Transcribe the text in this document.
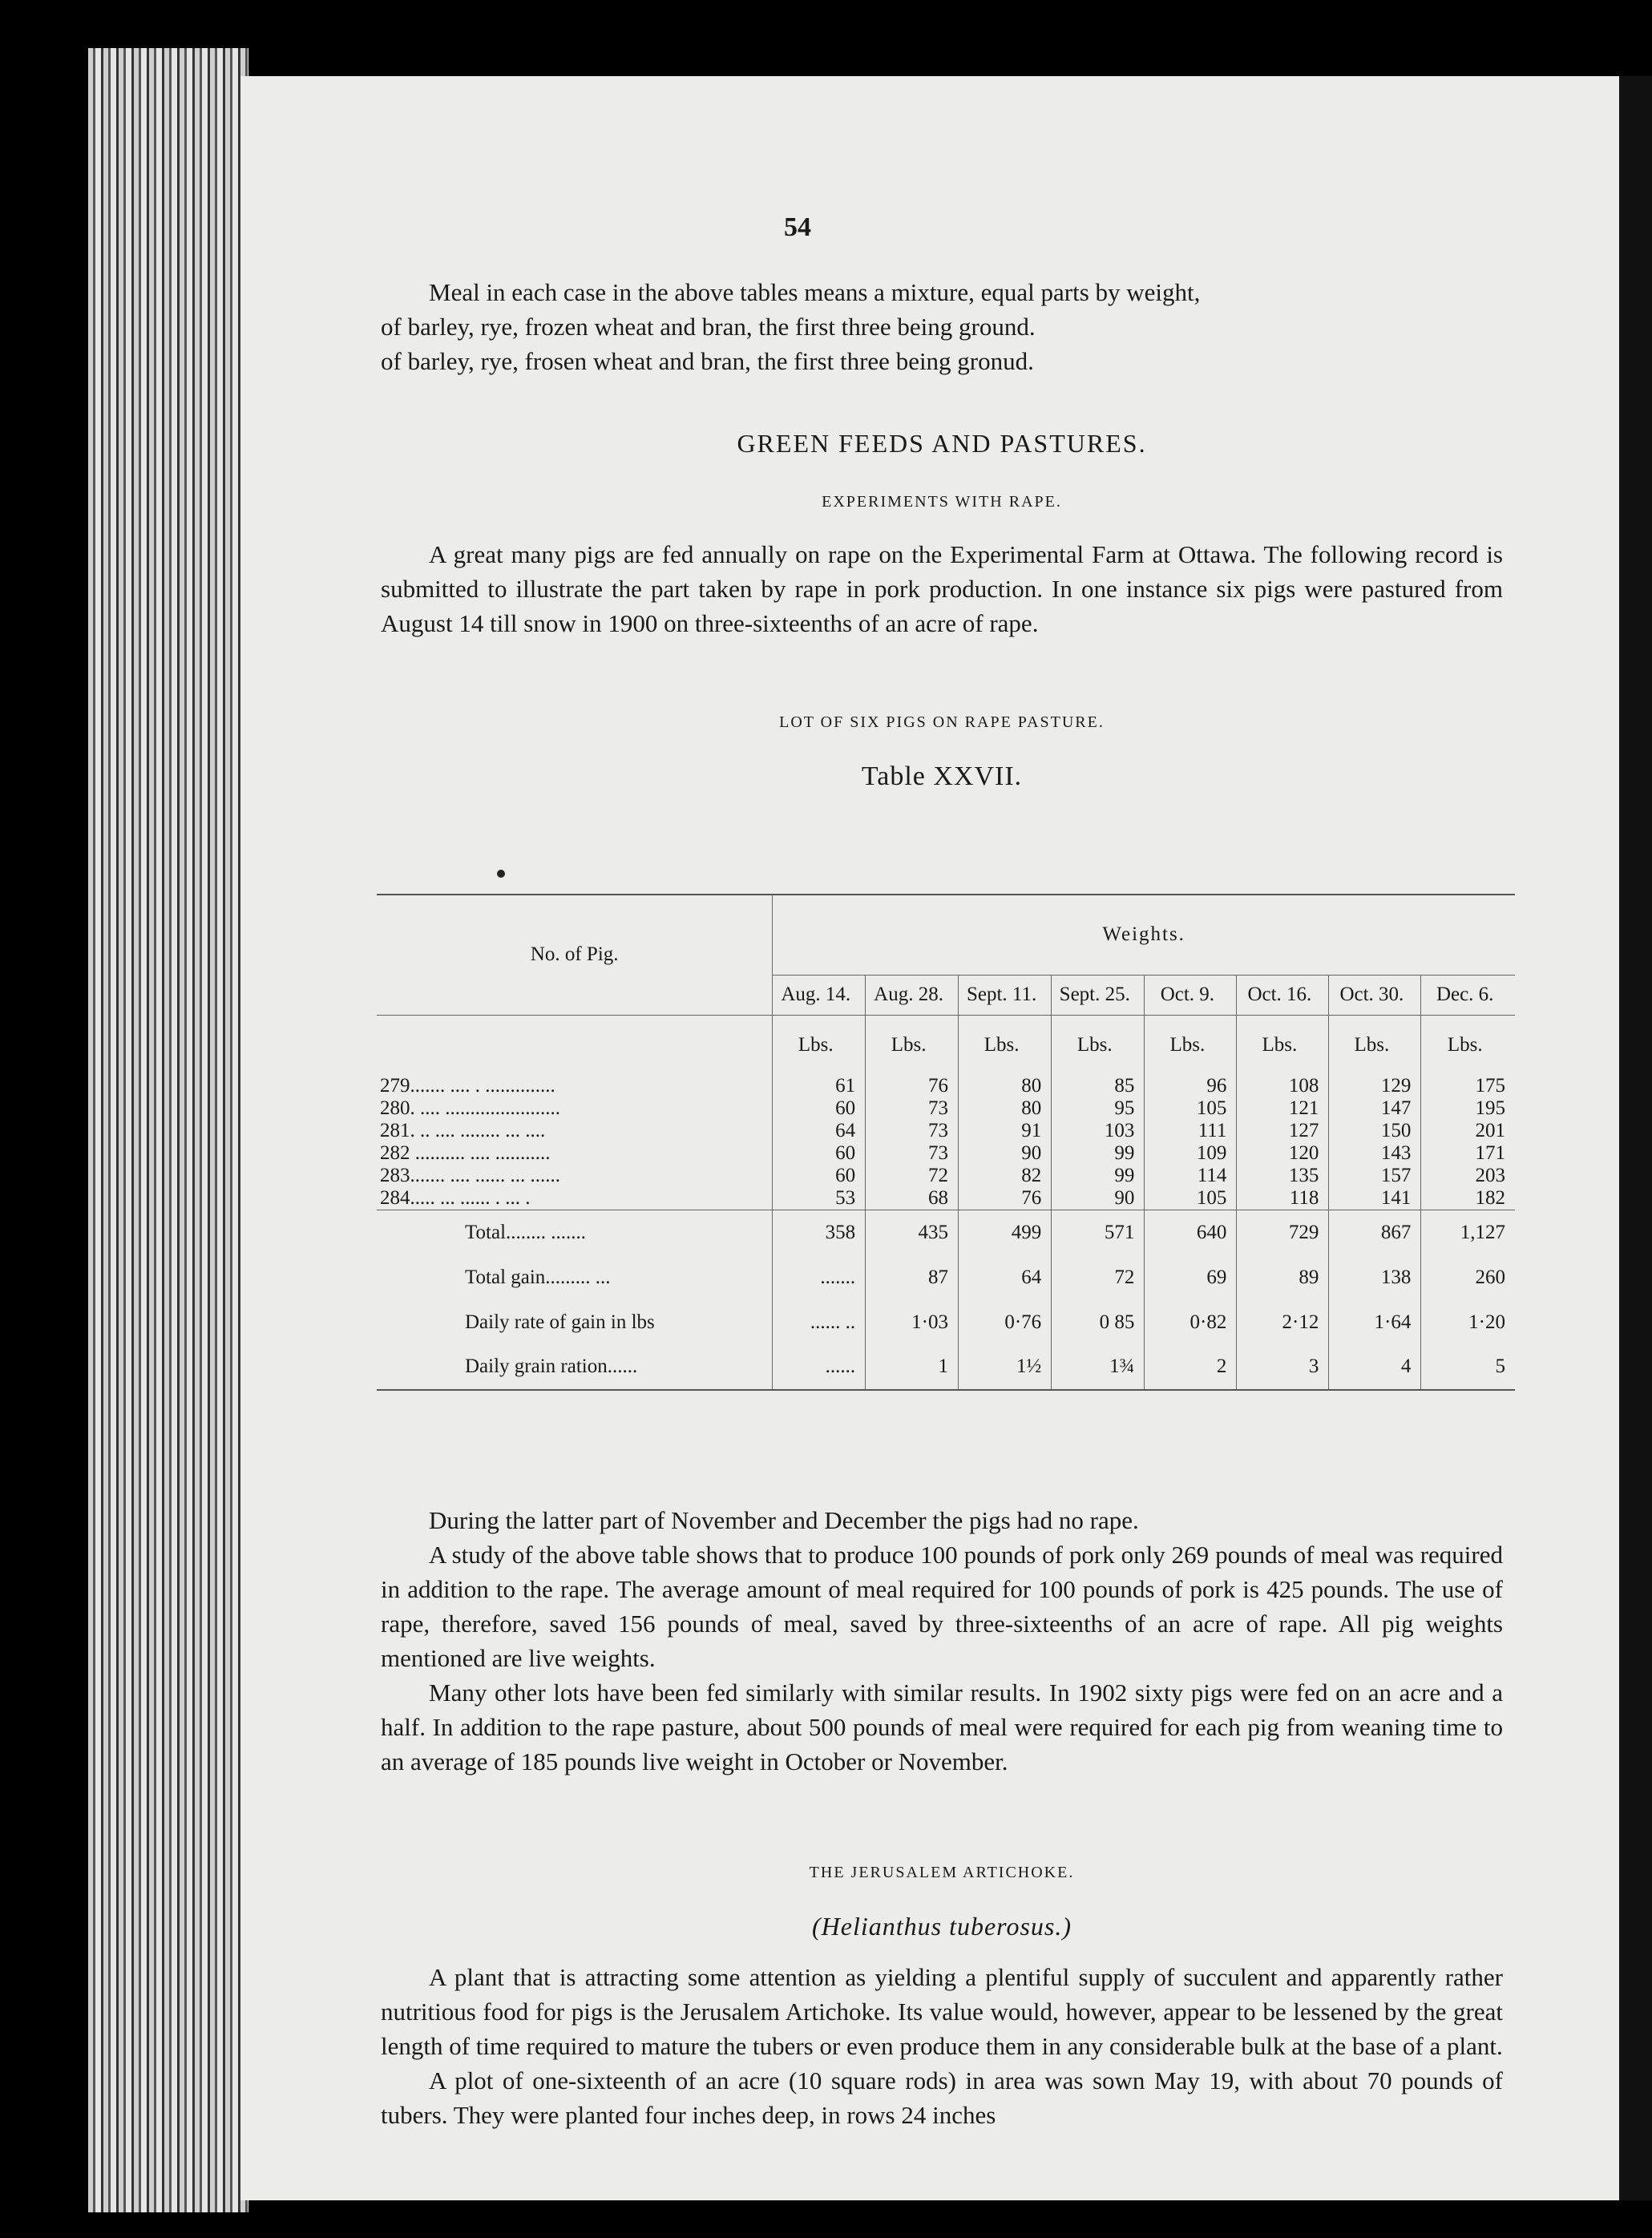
54

Meal in each case in the above tables means a mixture, equal parts by weight,

of barley, rye, frozen wheat and bran, the first three being ground.

of barley, rye, frosen wheat and bran, the first three being gronud.

GREEN FEEDS AND PASTURES.
EXPERIMENTS WITH RAPE.

A great many pigs are fed annually on rape on the Experimental Farm at Ottawa. The following record is submitted to illustrate the part taken by rape in pork production. In one instance six pigs were pastured from August 14 till snow in 1900 on three-sixteenths of an acre of rape.

LOT OF SIX PIGS ON RAPE PASTURE.
Table XXVII.
No. of Pig.	Weights.							
	Aug. 14.	Aug. 28.	Sept. 11.	Sept. 25.	Oct. 9.	Oct. 16.	Oct. 30.	Dec. 6.
	Lbs.	Lbs.	Lbs.	Lbs.	Lbs.	Lbs.	Lbs.	Lbs.
279....... .... . ..............	61	76	80	85	96	108	129	175
280. .... .......................	60	73	80	95	105	121	147	195
281. .. .... ........ ... ....	64	73	91	103	111	127	150	201
282 .......... .... ...........	60	73	90	99	109	120	143	171
283....... .... ...... ... ......	60	72	82	99	114	135	157	203
284..... ... ...... . ... .	53	68	76	90	105	118	141	182
Total........ .......	358	435	499	571	640	729	867	1,127
Total gain......... ...	.......	87	64	72	69	89	138	260
Daily rate of gain in lbs	...... ..	1·03	0·76	0 85	0·82	2·12	1·64	1·20
Daily grain ration......	......	1	1½	1¾	2	3	4	5

During the latter part of November and December the pigs had no rape.

A study of the above table shows that to produce 100 pounds of pork only 269 pounds of meal was required in addition to the rape. The average amount of meal required for 100 pounds of pork is 425 pounds. The use of rape, therefore, saved 156 pounds of meal, saved by three-sixteenths of an acre of rape. All pig weights mentioned are live weights.

Many other lots have been fed similarly with similar results. In 1902 sixty pigs were fed on an acre and a half. In addition to the rape pasture, about 500 pounds of meal were required for each pig from weaning time to an average of 185 pounds live weight in October or November.

THE JERUSALEM ARTICHOKE.
(Helianthus tuberosus.)

A plant that is attracting some attention as yielding a plentiful supply of succulent and apparently rather nutritious food for pigs is the Jerusalem Artichoke. Its value would, however, appear to be lessened by the great length of time required to mature the tubers or even produce them in any considerable bulk at the base of a plant.

A plot of one-sixteenth of an acre (10 square rods) in area was sown May 19, with about 70 pounds of tubers. They were planted four inches deep, in rows 24 inches
